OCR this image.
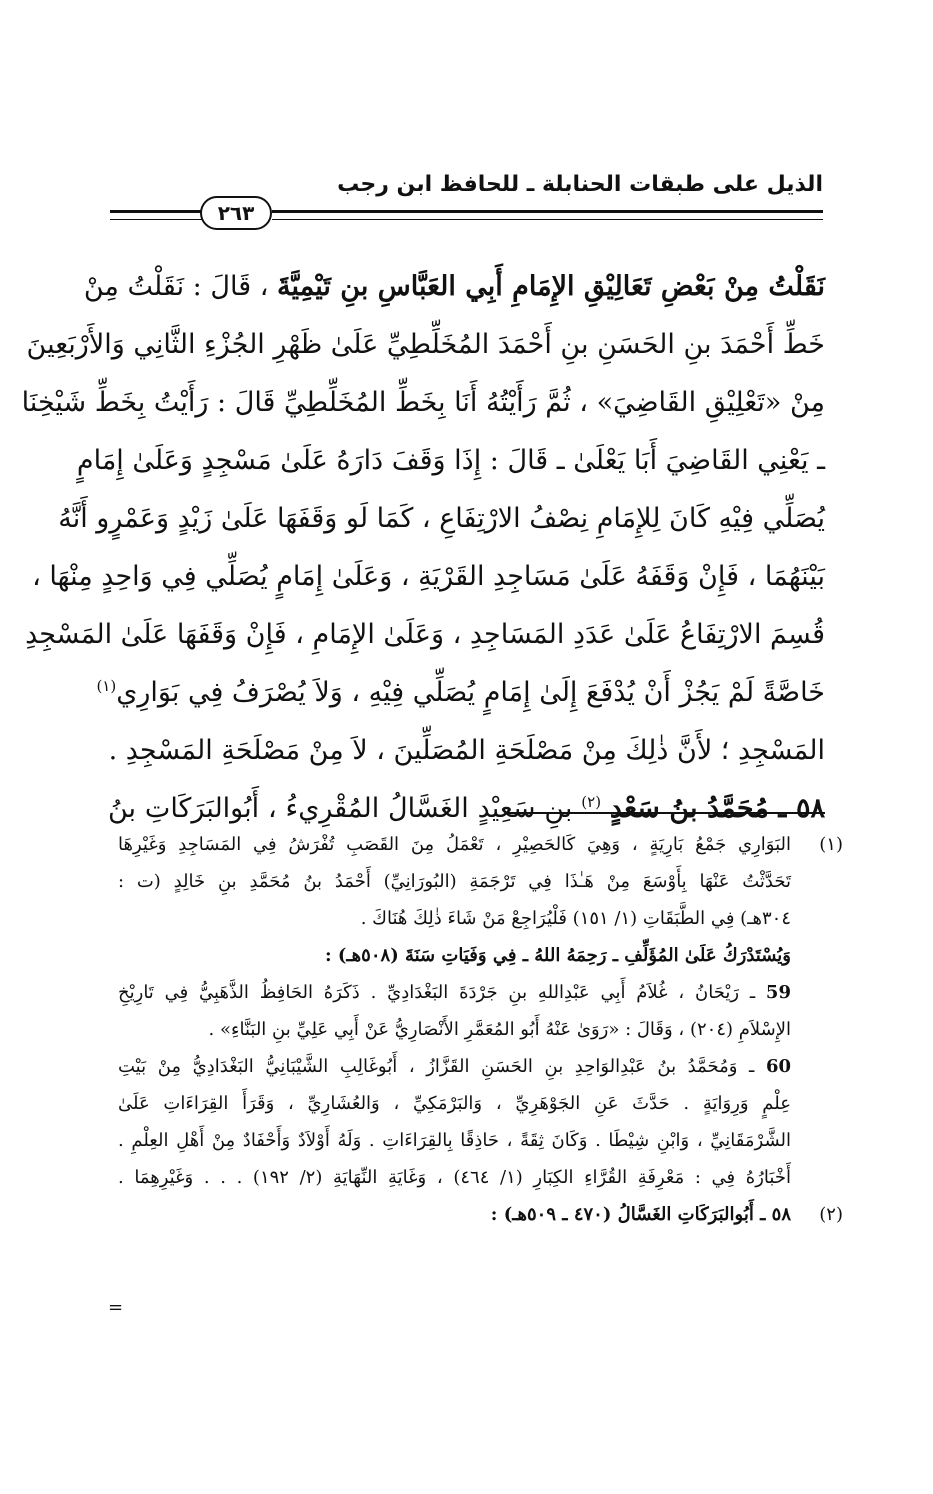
الذيل على طبقات الحنابلة ـ للحافظ ابن رجب
٢٦٣
نَقَلْتُ مِنْ بَعْضِ تَعَالِيْقِ الإِمَامِ أَبِي العَبَّاسِ بنِ تَيْمِيَّةَ ، قَالَ : نَقَلْتُ مِنْ
خَطِّ أَحْمَدَ بنِ الحَسَنِ بنِ أَحْمَدَ المُخَلِّطِيِّ عَلَىٰ ظَهْرِ الجُزْءِ الثَّانِي وَالأَرْبَعِينَ
مِنْ «تَعْلِيْقِ القَاضِيَ» ، ثُمَّ رَأَيْتُهُ أَنَا بِخَطِّ المُخَلِّطِيِّ قَالَ : رَأَيْتُ بِخَطِّ شَيْخِنَا
ـ يَعْنِي القَاضِيَ أَبَا يَعْلَىٰ ـ قَالَ : إِذَا وَقَفَ دَارَهُ عَلَىٰ مَسْجِدٍ وَعَلَىٰ إِمَامٍ
يُصَلِّي فِيْهِ كَانَ لِلإِمَامِ نِصْفُ الارْتِفَاعِ ، كَمَا لَو وَقَفَهَا عَلَىٰ زَيْدٍ وَعَمْرٍو أَنَّهُ
بَيْنَهُمَا ، فَإِنْ وَقَفَهُ عَلَىٰ مَسَاجِدِ القَرْيَةِ ، وَعَلَىٰ إِمَامٍ يُصَلِّي فِي وَاحِدٍ مِنْهَا ،
قُسِمَ الارْتِفَاعُ عَلَىٰ عَدَدِ المَسَاجِدِ ، وَعَلَىٰ الإِمَامِ ، فَإِنْ وَقَفَهَا عَلَىٰ المَسْجِدِ
خَاصَّةً لَمْ يَجُزْ أَنْ يُدْفَعَ إِلَىٰ إِمَامٍ يُصَلِّي فِيْهِ ، وَلاَ يُصْرَفُ فِي بَوَارِي$^{(١)}$
المَسْجِدِ ؛ لأَنَّ ذٰلِكَ مِنْ مَصْلَحَةِ المُصَلِّينَ ، لاَ مِنْ مَصْلَحَةِ المَسْجِدِ .
٥٨ ـ مُحَمَّدُ بنُ سَعْدٍ $^{(٢)}$ بنِ سَعِيْدٍ الغَسَّالُ المُقْرِيءُ ، أَبُوالبَرَكَاتِ بنُ
(١)البَوَارِي جَمْعُ بَارِيَةٍ ، وَهِيَ كَالحَصِيْرِ ، تَعْمَلُ مِنَ القَصَبِ تُفْرَشُ فِي المَسَاجِدِ وَغَيْرِهَا
تَحَدَّثْتُ عَنْهَا بِأَوْسَعَ مِنْ هَـٰذَا فِي تَرْجَمَةِ (البُورَانِيِّ) أَحْمَدُ بنُ مُحَمَّدِ بنِ خَالِدٍ (ت :
٣٠٤هـ) فِي الطَّبَقَاتِ (١/ ١٥١) فَلْيُرَاجِعْ مَنْ شَاءَ ذٰلِكَ هُنَاكَ .
وَيُسْتَدْرَكُ عَلَىٰ المُؤَلِّفِ ـ رَحِمَهُ اللهُ ـ فِي وَفَيَاتِ سَنَةَ (٥٠٨هـ) :
59 ـ رَيْحَانُ ، غُلاَمُ أَبِي عَبْدِاللهِ بنِ جَرْدَةَ البَغْدَادِيِّ . ذَكَرَهُ الحَافِظُ الذَّهَبِيُّ فِي تَارِيْخِ
الإِسْلاَمِ (٢٠٤) ، وَقَالَ : «رَوَىٰ عَنْهُ أَبُو المُعَمَّرِ الأَنْصَارِيُّ عَنْ أَبِي عَلِيِّ بنِ البَنَّاءِ» .
60 ـ وَمُحَمَّدُ بنُ عَبْدِالوَاحِدِ بنِ الحَسَنِ القَزَّازُ ، أَبُوغَالِبِ الشَّيْبَانِيُّ البَغْدَادِيُّ مِنْ بَيْتِ
عِلْمٍ وَرِوَايَةٍ . حَدَّثَ عَنِ الجَوْهَرِيِّ ، وَالبَرْمَكِيِّ ، وَالعُشَارِيِّ ، وَقَرَأَ القِرَاءَاتِ عَلَىٰ
الشَّرْمَقَانِيِّ ، وَابْنِ شِيْطَا . وَكَانَ ثِقَةً ، حَاذِقًا بِالقِرَاءَاتِ . وَلَهُ أَوْلاَدٌ وَأَحْفَادٌ مِنْ أَهْلِ العِلْمِ .
أَخْبَارُهُ فِي : مَعْرِفَةِ القُرَّاءِ الكِبَارِ (١/ ٤٦٤) ، وَغَايَةِ النِّهَايَةِ (٢/ ١٩٢) . . . وَغَيْرِهِمَا .
(٢)٥٨ ـ أَبُوالبَرَكَاتِ الغَسَّالُ (٤٧٠ ـ ٥٠٩هـ) :
=
